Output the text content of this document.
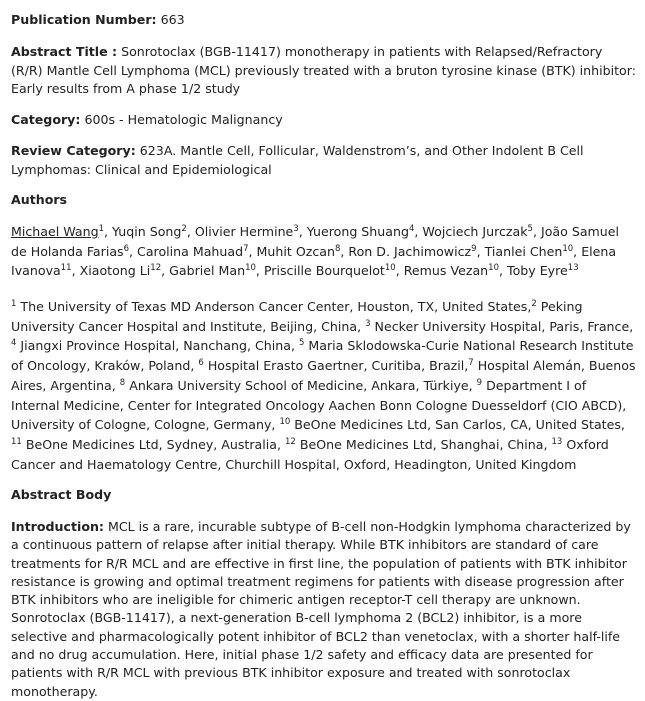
Publication Number: 663

Abstract Title : Sonrotoclax (BGB-11417) monotherapy in patients with Relapsed/Refractory (R/R) Mantle Cell Lymphoma (MCL) previously treated with a bruton tyrosine kinase (BTK) inhibitor: Early results from A phase 1/2 study

Category: 600s - Hematologic Malignancy

Review Category: 623A. Mantle Cell, Follicular, Waldenstrom’s, and Other Indolent B Cell Lymphomas: Clinical and Epidemiological

Authors

Michael Wang$^1$, Yuqin Song$^2$, Olivier Hermine$^3$, Yuerong Shuang$^4$, Wojciech Jurczak$^5$, João Samuel de Holanda Farias$^6$, Carolina Mahuad$^7$, Muhit Ozcan$^8$, Ron D. Jachimowicz$^9$, Tianlei Chen$^{10}$, Elena Ivanova$^{11}$, Xiaotong Li$^{12}$, Gabriel Man$^{10}$, Priscille Bourquelot$^{10}$, Remus Vezan$^{10}$, Toby Eyre$^{13}$

$^1$ The University of Texas MD Anderson Cancer Center, Houston, TX, United States,$^2$ Peking University Cancer Hospital and Institute, Beijing, China, $^3$ Necker University Hospital, Paris, France, $^4$ Jiangxi Province Hospital, Nanchang, China, $^5$ Maria Sklodowska-Curie National Research Institute of Oncology, Kraków, Poland, $^6$ Hospital Erasto Gaertner, Curitiba, Brazil,$^7$ Hospital Alemán, Buenos Aires, Argentina, $^8$ Ankara University School of Medicine, Ankara, Türkiye, $^9$ Department I of Internal Medicine, Center for Integrated Oncology Aachen Bonn Cologne Duesseldorf (CIO ABCD), University of Cologne, Cologne, Germany, $^{10}$ BeOne Medicines Ltd, San Carlos, CA, United States, $^{11}$ BeOne Medicines Ltd, Sydney, Australia, $^{12}$ BeOne Medicines Ltd, Shanghai, China, $^{13}$ Oxford Cancer and Haematology Centre, Churchill Hospital, Oxford, Headington, United Kingdom

Abstract Body

Introduction: MCL is a rare, incurable subtype of B-cell non-Hodgkin lymphoma characterized by a continuous pattern of relapse after initial therapy. While BTK inhibitors are standard of care treatments for R/R MCL and are effective in first line, the population of patients with BTK inhibitor resistance is growing and optimal treatment regimens for patients with disease progression after BTK inhibitors who are ineligible for chimeric antigen receptor-T cell therapy are unknown. Sonrotoclax (BGB-11417), a next-generation B-cell lymphoma 2 (BCL2) inhibitor, is a more selective and pharmacologically potent inhibitor of BCL2 than venetoclax, with a shorter half-life and no drug accumulation. Here, initial phase 1/2 safety and efficacy data are presented for patients with R/R MCL with previous BTK inhibitor exposure and treated with sonrotoclax monotherapy.
